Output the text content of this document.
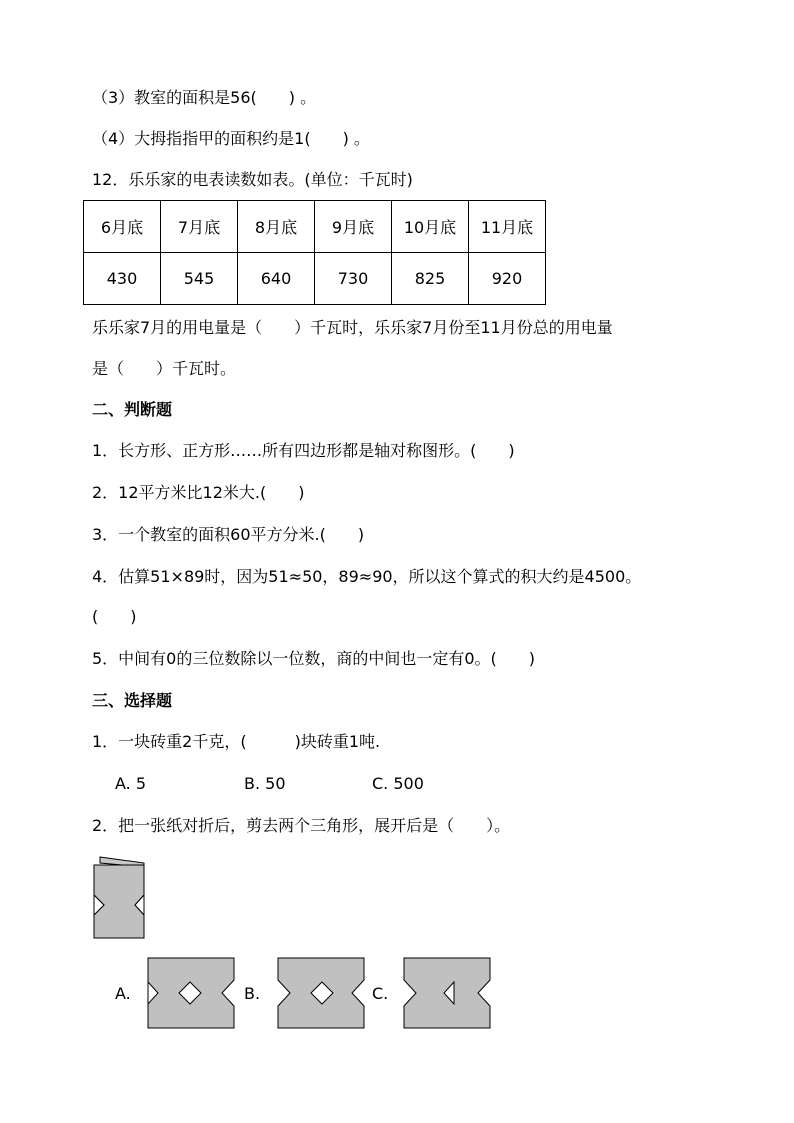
（3）教室的面积是56(　　) 。
（4）大拇指指甲的面积约是1(　　) 。
12．乐乐家的电表读数如表。(单位：千瓦时)
6月底	7月底	8月底	9月底	10月底	11月底
430	545	640	730	825	920
乐乐家7月的用电量是（　　）千瓦时，乐乐家7月份至11月份总的用电量
是（　　）千瓦时。
二、判断题
1．长方形、正方形……所有四边形都是轴对称图形。(　　)
2．12平方米比12米大.(　　)
3．一个教室的面积60平方分米.(　　)
4．估算51×89时，因为51≈50，89≈90，所以这个算式的积大约是4500。
(　　)
5．中间有0的三位数除以一位数，商的中间也一定有0。(　　)
三、选择题
1．一块砖重2千克，(　　　)块砖重1吨.
A. 5	B. 50	C. 500
2．把一张纸对折后，剪去两个三角形，展开后是（　　）。
A.	B.	C.
